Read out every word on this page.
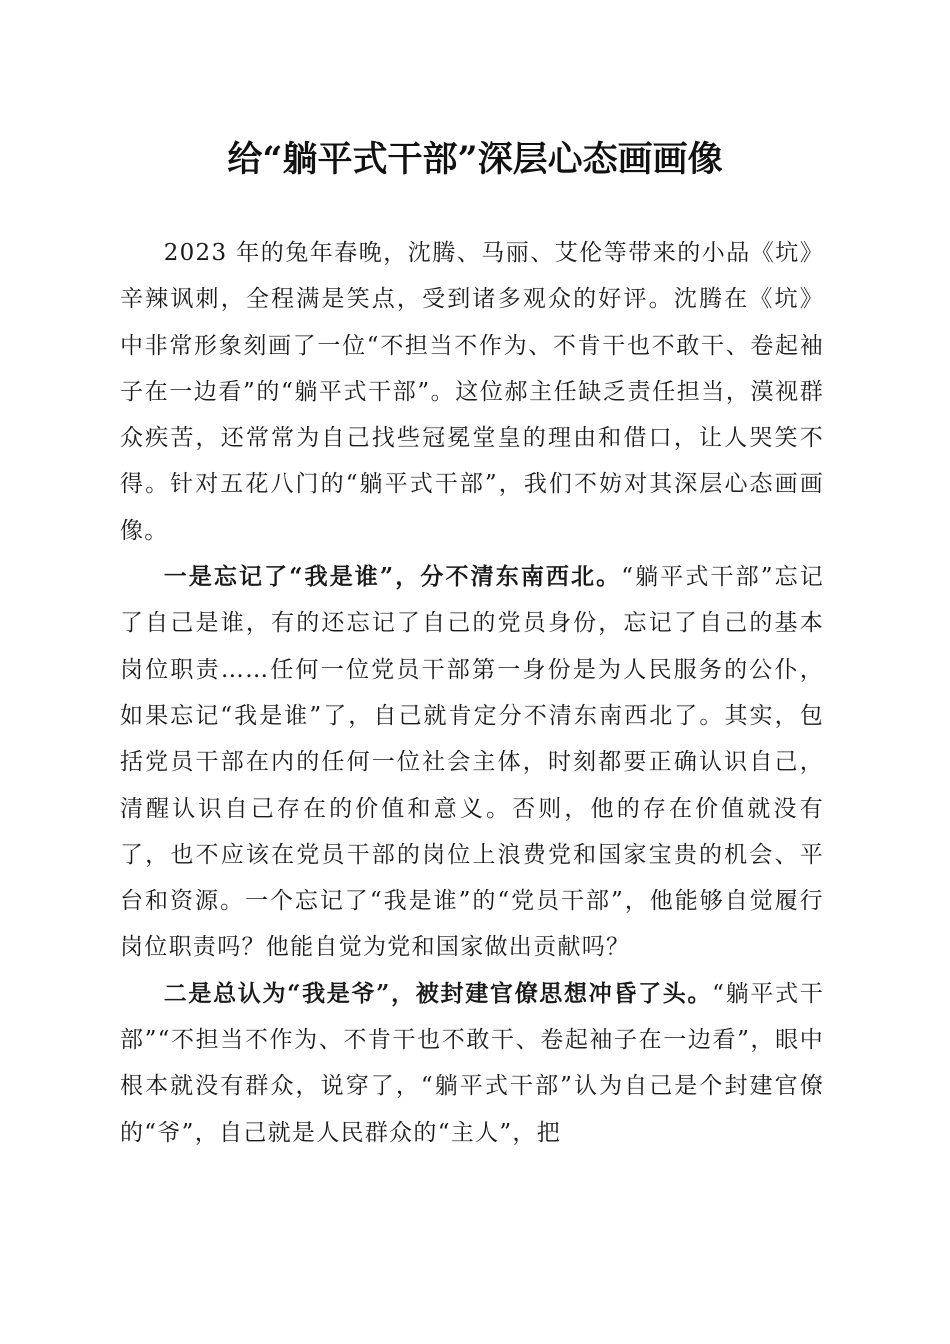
给“躺平式干部”深层心态画画像

2023 年的兔年春晚，沈腾、马丽、艾伦等带来的小品《坑》辛辣讽刺，全程满是笑点，受到诸多观众的好评。沈腾在《坑》中非常形象刻画了一位“不担当不作为、不肯干也不敢干、卷起袖子在一边看”的“躺平式干部”。这位郝主任缺乏责任担当，漠视群众疾苦，还常常为自己找些冠冕堂皇的理由和借口，让人哭笑不得。针对五花八门的“躺平式干部”，我们不妨对其深层心态画画像。

一是忘记了“我是谁”，分不清东南西北。“躺平式干部”忘记了自己是谁，有的还忘记了自己的党员身份，忘记了自己的基本岗位职责……任何一位党员干部第一身份是为人民服务的公仆，如果忘记“我是谁”了，自己就肯定分不清东南西北了。其实，包括党员干部在内的任何一位社会主体，时刻都要正确认识自己，清醒认识自己存在的价值和意义。否则，他的存在价值就没有了，也不应该在党员干部的岗位上浪费党和国家宝贵的机会、平台和资源。一个忘记了“我是谁”的“党员干部”，他能够自觉履行岗位职责吗？他能自觉为党和国家做出贡献吗？

二是总认为“我是爷”，被封建官僚思想冲昏了头。“躺平式干部”“不担当不作为、不肯干也不敢干、卷起袖子在一边看”，眼中根本就没有群众，说穿了，“躺平式干部”认为自己是个封建官僚的“爷”，自己就是人民群众的“主人”，把
